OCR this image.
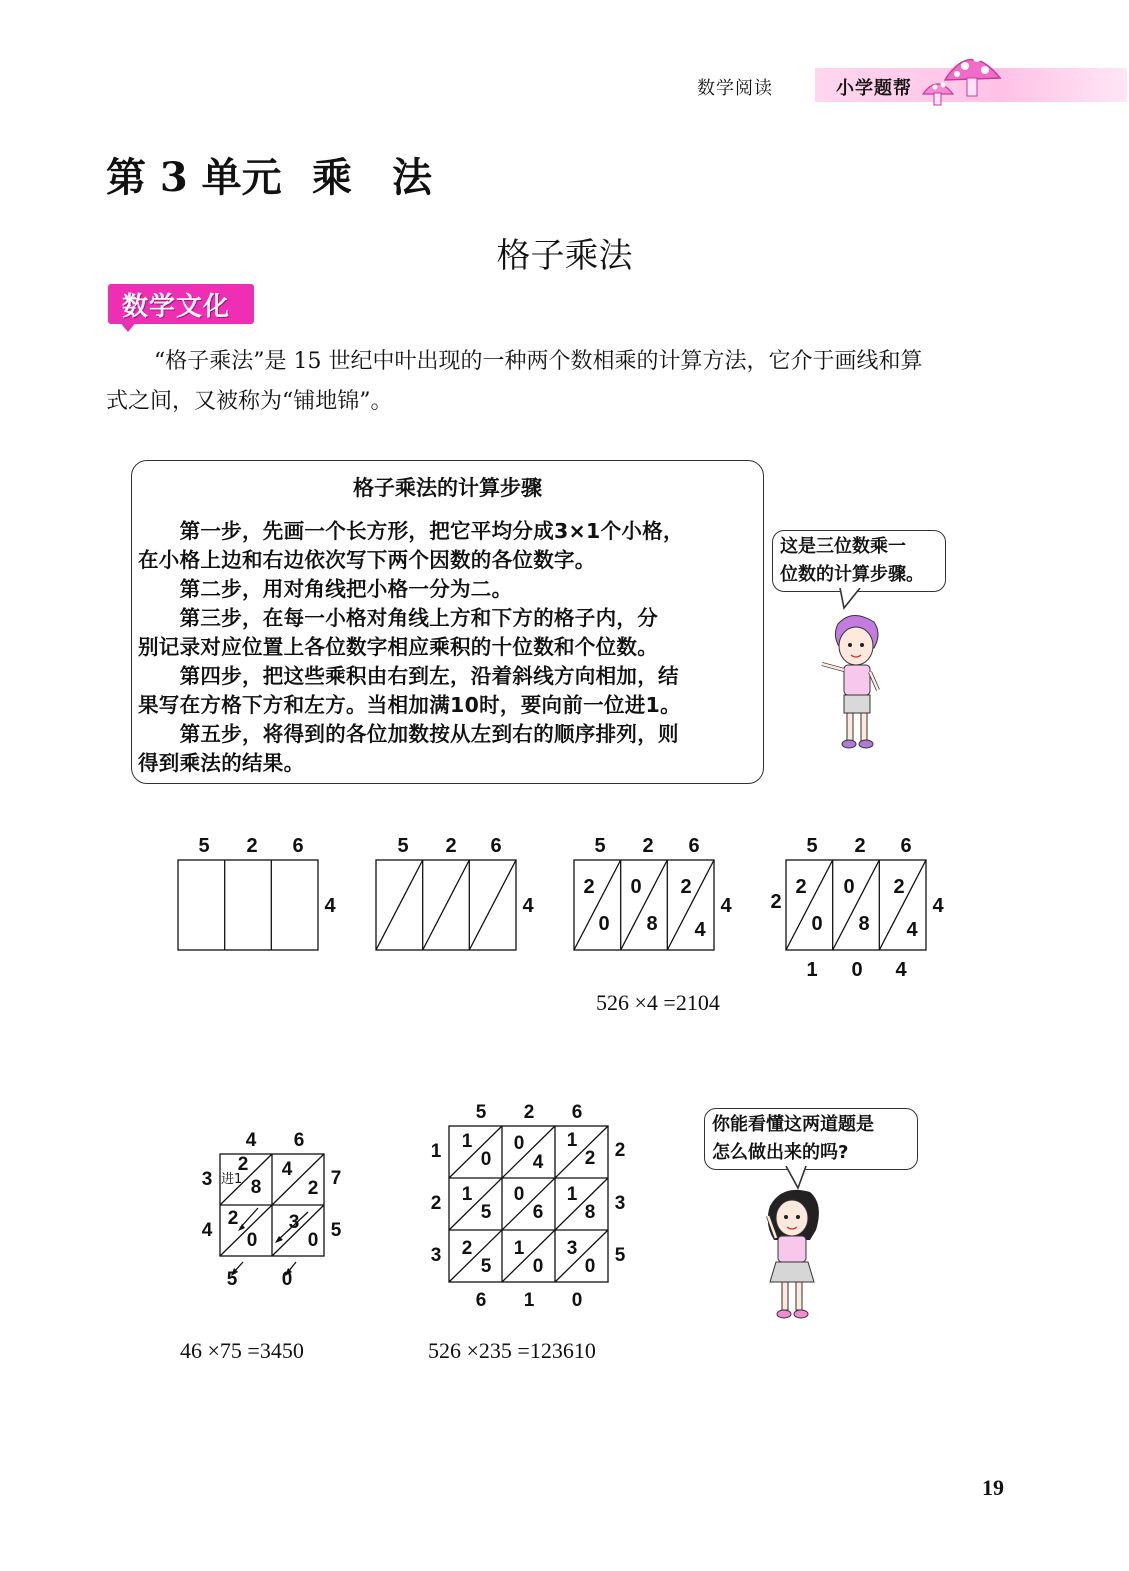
数学阅读	小学题帮
第 3 单元 乘法
格子乘法
数学文化
“格子乘法”是 15 世纪中叶出现的一种两个数相乘的计算方法，它介于画线和算
式之间，又被称为“铺地锦”。
格子乘法的计算步骤
　　第一步，先画一个长方形，把它平均分成3×1个小格，
在小格上边和右边依次写下两个因数的各位数字。
　　第二步，用对角线把小格一分为二。
　　第三步，在每一小格对角线上方和下方的格子内，分
别记录对应位置上各位数字相应乘积的十位数和个位数。
　　第四步，把这些乘积由右到左，沿着斜线方向相加，结
果写在方格下方和左方。当相加满10时，要向前一位进1。
　　第五步，将得到的各位加数按从左到右的顺序排列，则
得到乘法的结果。
这是三位数乘一
位数的计算步骤。
5 2 6
4
5 2 6
4
5 2 6
4
2
0
0
8
2
4
5 2 6
4
2
2
0
0
8
2
4
1 0 4
526 ×4 =2104
4 6
7
5
3
4
2
8
4
2
2
0
3
0
5 0
进1
46 ×75 =3450
5 2 6
2
3
5
1
2
3
6 1 0
1
0
0
4
1
2
1
5
0
6
1
8
2
5
1
0
3
0
526 ×235 =123610
你能看懂这两道题是
怎么做出来的吗?
19
